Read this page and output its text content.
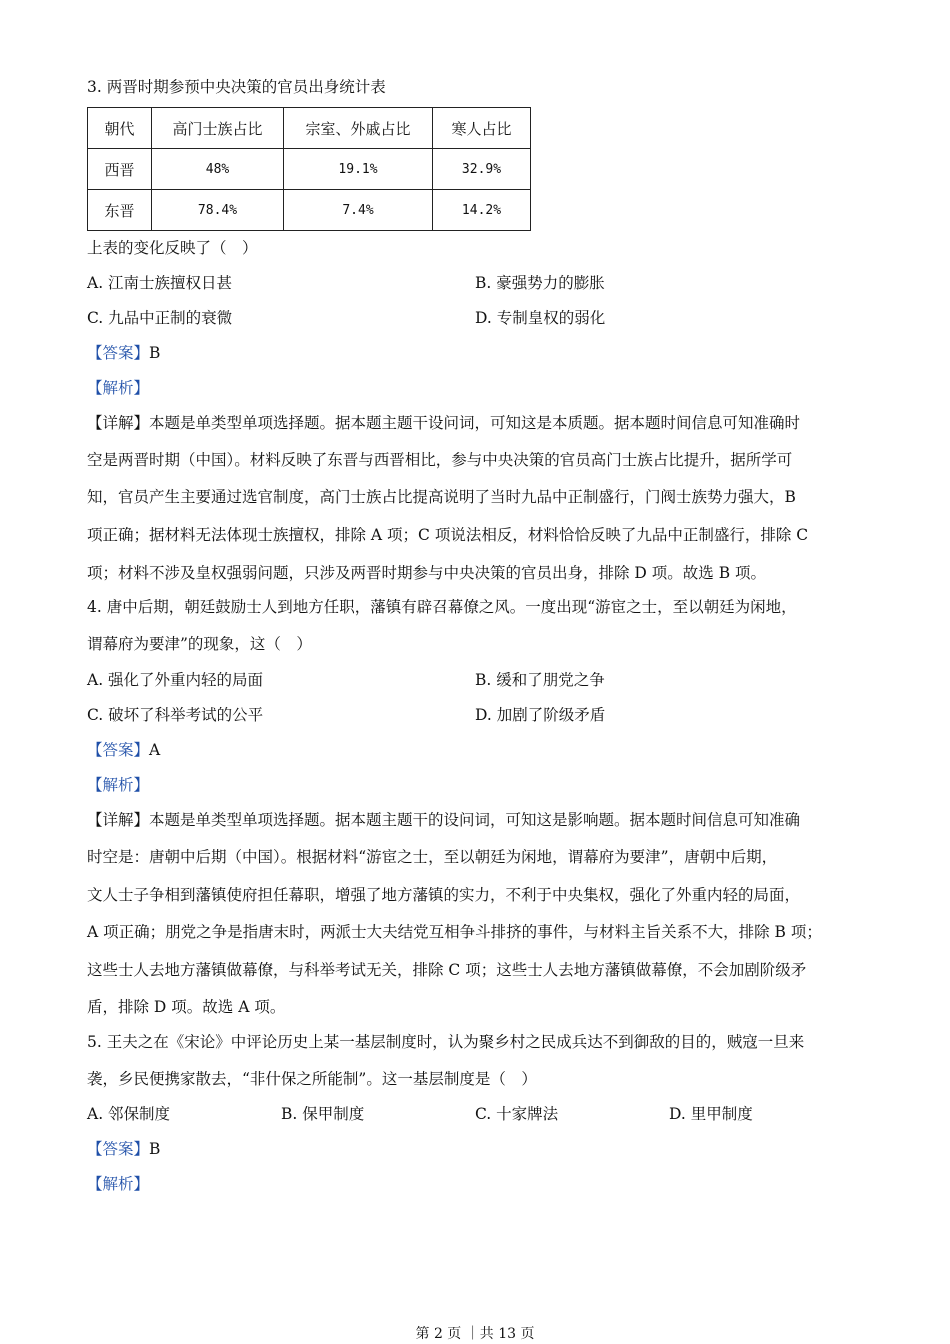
3. 两晋时期参预中央决策的官员出身统计表
朝代	高门士族占比	宗室、外戚占比	寒人占比
西晋	48%	19.1%	32.9%
东晋	78.4%	7.4%	14.2%
上表的变化反映了（　）
A. 江南士族擅权日甚	B. 豪强势力的膨胀
C. 九品中正制的衰微	D. 专制皇权的弱化
【答案】B
【解析】
【详解】本题是单类型单项选择题。据本题主题干设问词，可知这是本质题。据本题时间信息可知准确时
空是两晋时期（中国）。材料反映了东晋与西晋相比，参与中央决策的官员高门士族占比提升，据所学可
知，官员产生主要通过选官制度，高门士族占比提高说明了当时九品中正制盛行，门阀士族势力强大，B
项正确；据材料无法体现士族擅权，排除 A 项；C 项说法相反，材料恰恰反映了九品中正制盛行，排除 C
项；材料不涉及皇权强弱问题，只涉及两晋时期参与中央决策的官员出身，排除 D 项。故选 B 项。
4. 唐中后期，朝廷鼓励士人到地方任职，藩镇有辟召幕僚之风。一度出现“游宦之士，至以朝廷为闲地，
谓幕府为要津”的现象，这（　）
A. 强化了外重内轻的局面	B. 缓和了朋党之争
C. 破坏了科举考试的公平	D. 加剧了阶级矛盾
【答案】A
【解析】
【详解】本题是单类型单项选择题。据本题主题干的设问词，可知这是影响题。据本题时间信息可知准确
时空是：唐朝中后期（中国）。根据材料“游宦之士，至以朝廷为闲地，谓幕府为要津”，唐朝中后期，
文人士子争相到藩镇使府担任幕职，增强了地方藩镇的实力，不利于中央集权，强化了外重内轻的局面，
A 项正确；朋党之争是指唐末时，两派士大夫结党互相争斗排挤的事件，与材料主旨关系不大，排除 B 项；
这些士人去地方藩镇做幕僚，与科举考试无关，排除 C 项；这些士人去地方藩镇做幕僚，不会加剧阶级矛
盾，排除 D 项。故选 A 项。
5. 王夫之在《宋论》中评论历史上某一基层制度时，认为聚乡村之民成兵达不到御敌的目的，贼寇一旦来
袭，乡民便携家散去，“非什保之所能制”。这一基层制度是（　）
A. 邻保制度	B. 保甲制度	C. 十家牌法	D. 里甲制度
【答案】B
【解析】
第 2 页 ｜共 13 页
